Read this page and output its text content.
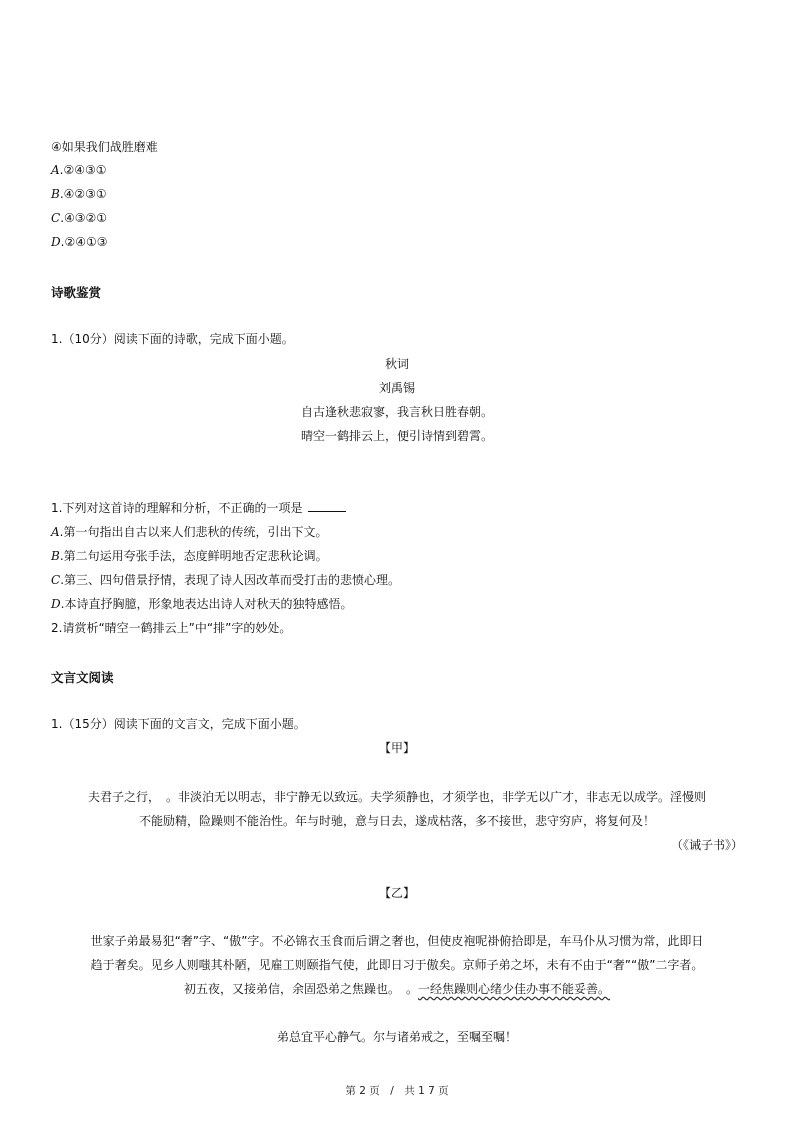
④如果我们战胜磨难
A.②④③①
B.④②③①
C.④③②①
D.②④①③
诗歌鉴赏
1.（10分）阅读下面的诗歌，完成下面小题。
秋词
刘禹锡
自古逢秋悲寂寥，我言秋日胜春朝。
晴空一鹤排云上，便引诗情到碧霄。
1.下列对这首诗的理解和分析，不正确的一项是
A.第一句指出自古以来人们悲秋的传统，引出下文。
B.第二句运用夸张手法，态度鲜明地否定悲秋论调。
C.第三、四句借景抒情，表现了诗人因改革而受打击的悲愤心理。
D.本诗直抒胸臆，形象地表达出诗人对秋天的独特感悟。
2.请赏析“晴空一鹤排云上”中“排”字的妙处。
文言文阅读
1.（15分）阅读下面的文言文，完成下面小题。
【甲】
夫君子之行，　。非淡泊无以明志，非宁静无以致远。夫学须静也，才须学也，非学无以广才，非志无以成学。淫慢则
不能励精，险躁则不能治性。年与时驰，意与日去，遂成枯落，多不接世，悲守穷庐，将复何及！
（《诫子书》）
【乙】
世家子弟最易犯“奢”字、“傲”字。不必锦衣玉食而后谓之奢也，但使皮袍呢褂俯拾即是，车马仆从习惯为常，此即日
趋于奢矣。见乡人则嗤其朴陋，见雇工则颐指气使，此即日习于傲矣。京师子弟之坏，未有不由于“奢”“傲”二字者。
初五夜，又接弟信，余固恐弟之焦躁也。　。一经焦躁则心绪少佳办事不能妥善。
弟总宜平心静气。尔与诸弟戒之，至嘱至嘱！
第 2 页　/　共 1 7 页
